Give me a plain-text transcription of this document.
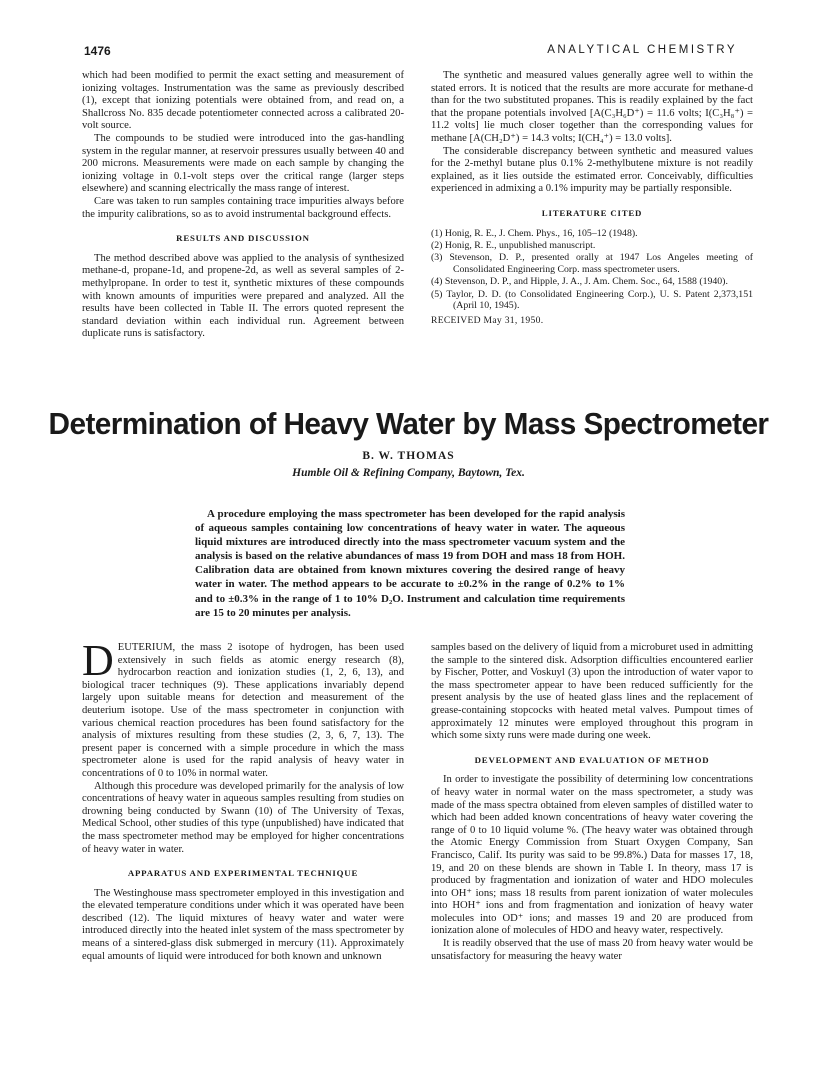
1476	ANALYTICAL CHEMISTRY

which had been modified to permit the exact setting and measurement of ionizing voltages. Instrumentation was the same as previously described (1), except that ionizing potentials were obtained from, and read on, a Shallcross No. 835 decade potentiometer connected across a calibrated 20-volt source.

The compounds to be studied were introduced into the gas-handling system in the regular manner, at reservoir pressures usually between 40 and 200 microns. Measurements were made on each sample by changing the ionizing voltage in 0.1-volt steps over the critical range (larger steps elsewhere) and scanning electrically the mass range of interest.

Care was taken to run samples containing trace impurities always before the impurity calibrations, so as to avoid instrumental background effects.

RESULTS AND DISCUSSION

The method described above was applied to the analysis of synthesized methane-d, propane-1d, and propene-2d, as well as several samples of 2-methylpropane. In order to test it, synthetic mixtures of these compounds with known amounts of impurities were prepared and analyzed. All the results have been collected in Table II. The errors quoted represent the standard deviation within each individual run. Agreement between duplicate runs is satisfactory.

The synthetic and measured values generally agree well to within the stated errors. It is noticed that the results are more accurate for methane-d than for the two substituted propanes. This is readily explained by the fact that the propane potentials involved [A(C₃H₆D⁺) = 11.6 volts; I(C₃H₈⁺) = 11.2 volts] lie much closer together than the corresponding values for methane [A(CH₂D⁺) = 14.3 volts; I(CH₄⁺) = 13.0 volts].

The considerable discrepancy between synthetic and measured values for the 2-methyl butane plus 0.1% 2-methylbutene mixture is not readily explained, as it lies outside the estimated error. Conceivably, difficulties experienced in admixing a 0.1% impurity may be partially responsible.

LITERATURE CITED
(1) Honig, R. E., J. Chem. Phys., 16, 105–12 (1948).
(2) Honig, R. E., unpublished manuscript.
(3) Stevenson, D. P., presented orally at 1947 Los Angeles meeting of Consolidated Engineering Corp. mass spectrometer users.
(4) Stevenson, D. P., and Hipple, J. A., J. Am. Chem. Soc., 64, 1588 (1940).
(5) Taylor, D. D. (to Consolidated Engineering Corp.), U. S. Patent 2,373,151 (April 10, 1945).
RECEIVED May 31, 1950.
Determination of Heavy Water by Mass Spectrometer
B. W. THOMAS
Humble Oil & Refining Company, Baytown, Tex.

A procedure employing the mass spectrometer has been developed for the rapid analysis of aqueous samples containing low concentrations of heavy water in water. The aqueous liquid mixtures are introduced directly into the mass spectrometer vacuum system and the analysis is based on the relative abundances of mass 19 from DOH and mass 18 from HOH. Calibration data are obtained from known mixtures covering the desired range of heavy water in water. The method appears to be accurate to ±0.2% in the range of 0.2% to 1% and to ±0.3% in the range of 1 to 10% D₂O. Instrument and calculation time requirements are 15 to 20 minutes per analysis.

D EUTERIUM, the mass 2 isotope of hydrogen, has been used extensively in such fields as atomic energy research (8), hydrocarbon reaction and ionization studies (1, 2, 6, 13), and biological tracer techniques (9). These applications invariably depend largely upon suitable means for detection and measurement of the deuterium isotope. Use of the mass spectrometer in conjunction with various chemical reaction procedures has been found satisfactory for the analysis of mixtures resulting from these studies (2, 3, 6, 7, 13). The present paper is concerned with a simple procedure in which the mass spectrometer alone is used for the rapid analysis of heavy water in concentrations of 0 to 10% in normal water.

Although this procedure was developed primarily for the analysis of low concentrations of heavy water in aqueous samples resulting from studies on drowning being conducted by Swann (10) of The University of Texas, Medical School, other studies of this type (unpublished) have indicated that the mass spectrometer method may be employed for higher concentrations of heavy water in water.

APPARATUS AND EXPERIMENTAL TECHNIQUE

The Westinghouse mass spectrometer employed in this investigation and the elevated temperature conditions under which it was operated have been described (12). The liquid mixtures of heavy water and water were introduced directly into the heated inlet system of the mass spectrometer by means of a sintered-glass disk submerged in mercury (11). Approximately equal amounts of liquid were introduced for both known and unknown

samples based on the delivery of liquid from a microburet used in admitting the sample to the sintered disk. Adsorption difficulties encountered earlier by Fischer, Potter, and Voskuyl (3) upon the introduction of water vapor to the mass spectrometer appear to have been reduced sufficiently for the present analysis by the use of heated glass lines and the replacement of grease-containing stopcocks with heated metal valves. Pumpout times of approximately 12 minutes were employed throughout this program in which some sixty runs were made during one week.

DEVELOPMENT AND EVALUATION OF METHOD

In order to investigate the possibility of determining low concentrations of heavy water in normal water on the mass spectrometer, a study was made of the mass spectra obtained from eleven samples of distilled water to which had been added known concentrations of heavy water covering the range of 0 to 10 liquid volume %. (The heavy water was obtained through the Atomic Energy Commission from Stuart Oxygen Company, San Francisco, Calif. Its purity was said to be 99.8%.) Data for masses 17, 18, 19, and 20 on these blends are shown in Table I. In theory, mass 17 is produced by fragmentation and ionization of water and HDO molecules into OH⁺ ions; mass 18 results from parent ionization of water molecules into HOH⁺ ions and from fragmentation and ionization of heavy water molecules into OD⁺ ions; and masses 19 and 20 are produced from ionization alone of molecules of HDO and heavy water, respectively.

It is readily observed that the use of mass 20 from heavy water would be unsatisfactory for measuring the heavy water
